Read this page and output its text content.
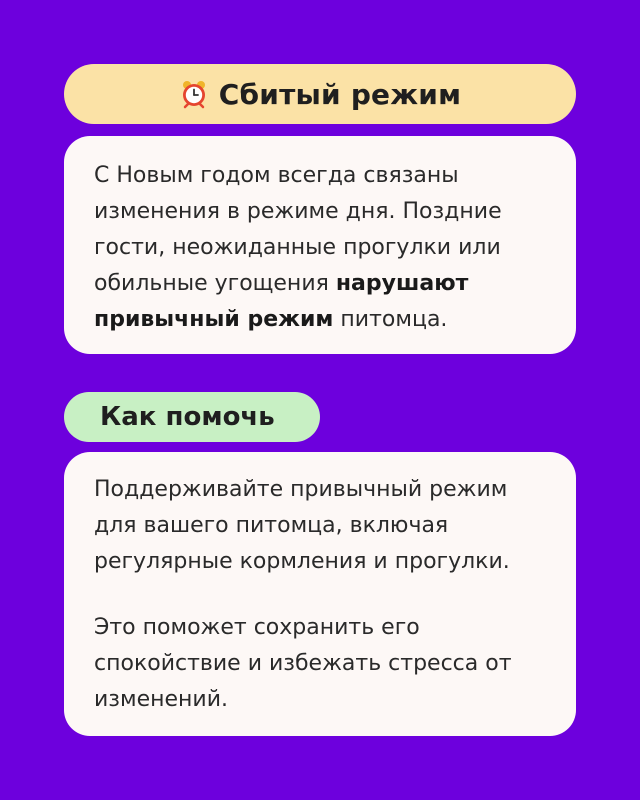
Сбитый режим

С Новым годом всегда связаны изменения в режиме дня. Поздние гости, неожиданные прогулки или обильные угощения нарушают привычный режим питомца.

Как помочь

Поддерживайте привычный режим для вашего питомца, включая регулярные кормления и прогулки.

Это поможет сохранить его спокойствие и избежать стресса от изменений.
